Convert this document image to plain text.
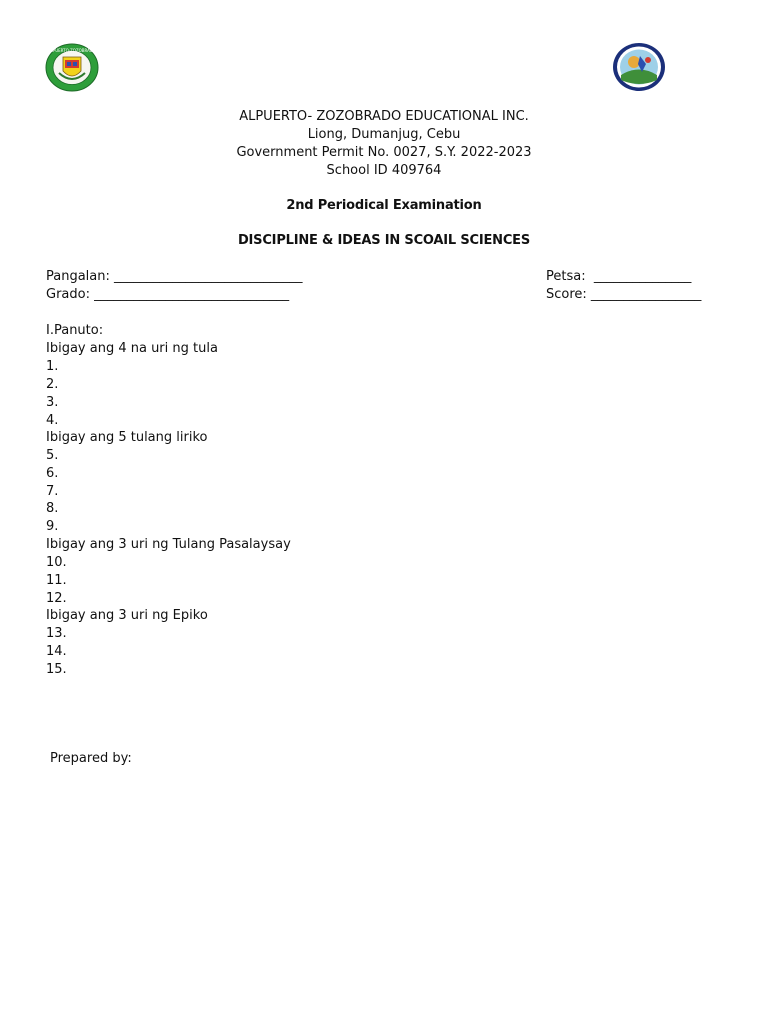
ALPUERTO·ZOZOBRADO
ALPUERTO- ZOZOBRADO EDUCATIONAL INC.
Liong, Dumanjug, Cebu
Government Permit No. 0027, S.Y. 2022-2023
School ID 409764
2nd Periodical Examination
DISCIPLINE & IDEAS IN SCOAIL SCIENCES
Pangalan: _____________________________	Petsa:  _______________
Grado: ______________________________	Score: _________________
I.Panuto:
Ibigay ang 4 na uri ng tula
1.
2.
3.
4.
Ibigay ang 5 tulang liriko
5.
6.
7.
8.
9.
Ibigay ang 3 uri ng Tulang Pasalaysay
10.
11.
12.
Ibigay ang 3 uri ng Epiko
13.
14.
15.
Prepared by:
